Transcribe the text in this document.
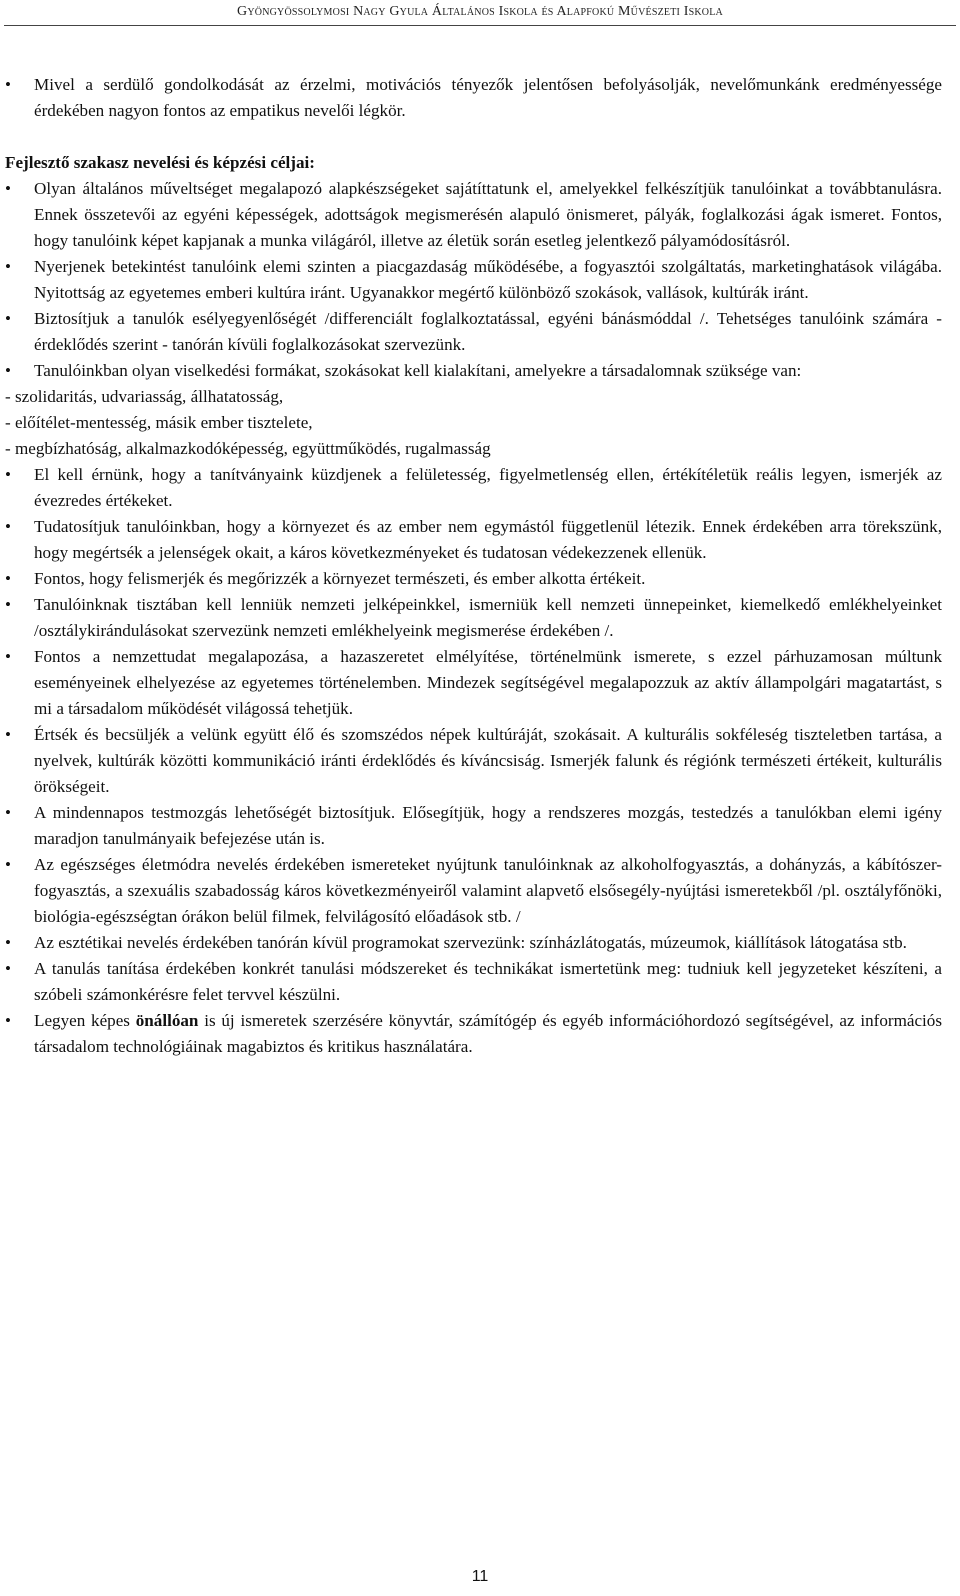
Gyöngyössolymosi Nagy Gyula Általános Iskola és Alapfokú Művészeti Iskola

• Mivel a serdülő gondolkodását az érzelmi, motivációs tényezők jelentősen befolyásolják, nevelőmunkánk eredményessége érdekében nagyon fontos az empatikus nevelői légkör.

Fejlesztő szakasz nevelési és képzési céljai:

• Olyan általános műveltséget megalapozó alapkészségeket sajátíttatunk el, amelyekkel felkészítjük tanulóinkat a továbbtanulásra. Ennek összetevői az egyéni képességek, adottságok megismerésén alapuló önismeret, pályák, foglalkozási ágak ismeret. Fontos, hogy tanulóink képet kapjanak a munka világáról, illetve az életük során esetleg jelentkező pályamódosításról.

• Nyerjenek betekintést tanulóink elemi szinten a piacgazdaság működésébe, a fogyasztói szolgáltatás, marketinghatások világába. Nyitottság az egyetemes emberi kultúra iránt. Ugyanakkor megértő különböző szokások, vallások, kultúrák iránt.

• Biztosítjuk a tanulók esélyegyenlőségét /differenciált foglalkoztatással, egyéni bánásmóddal /. Tehetséges tanulóink számára - érdeklődés szerint - tanórán kívüli foglalkozásokat szervezünk.

• Tanulóinkban olyan viselkedési formákat, szokásokat kell kialakítani, amelyekre a társadalomnak szüksége van:

- szolidaritás, udvariasság, állhatatosság,

- előítélet-mentesség, másik ember tisztelete,

- megbízhatóság, alkalmazkodóképesség, együttműködés, rugalmasság

• El kell érnünk, hogy a tanítványaink küzdjenek a felületesség, figyelmetlenség ellen, értékítéletük reális legyen, ismerjék az évezredes értékeket.

• Tudatosítjuk tanulóinkban, hogy a környezet és az ember nem egymástól függetlenül létezik. Ennek érdekében arra törekszünk, hogy megértsék a jelenségek okait, a káros következményeket és tudatosan védekezzenek ellenük.

• Fontos, hogy felismerjék és megőrizzék a környezet természeti, és ember alkotta értékeit.

• Tanulóinknak tisztában kell lenniük nemzeti jelképeinkkel, ismerniük kell nemzeti ünnepeinket, kiemelkedő emlékhelyeinket /osztálykirándulásokat szervezünk nemzeti emlékhelyeink megismerése érdekében /.

• Fontos a nemzettudat megalapozása, a hazaszeretet elmélyítése, történelmünk ismerete, s ezzel párhuzamosan múltunk eseményeinek elhelyezése az egyetemes történelemben. Mindezek segítségével megalapozzuk az aktív állampolgári magatartást, s mi a társadalom működését világossá tehetjük.

• Értsék és becsüljék a velünk együtt élő és szomszédos népek kultúráját, szokásait. A kulturális sokféleség tiszteletben tartása, a nyelvek, kultúrák közötti kommunikáció iránti érdeklődés és kíváncsiság. Ismerjék falunk és régiónk természeti értékeit, kulturális örökségeit.

• A mindennapos testmozgás lehetőségét biztosítjuk. Elősegítjük, hogy a rendszeres mozgás, testedzés a tanulókban elemi igény maradjon tanulmányaik befejezése után is.

• Az egészséges életmódra nevelés érdekében ismereteket nyújtunk tanulóinknak az alkoholfogyasztás, a dohányzás, a kábítószer-fogyasztás, a szexuális szabadosság káros következményeiről valamint alapvető elsősegély-nyújtási ismeretekből /pl. osztályfőnöki, biológia-egészségtan órákon belül filmek, felvilágosító előadások stb. /

• Az esztétikai nevelés érdekében tanórán kívül programokat szervezünk: színházlátogatás, múzeumok, kiállítások látogatása stb.

• A tanulás tanítása érdekében konkrét tanulási módszereket és technikákat ismertetünk meg: tudniuk kell jegyzeteket készíteni, a szóbeli számonkérésre felet tervvel készülni.

• Legyen képes önállóan is új ismeretek szerzésére könyvtár, számítógép és egyéb információhordozó segítségével, az információs társadalom technológiáinak magabiztos és kritikus használatára.

11
